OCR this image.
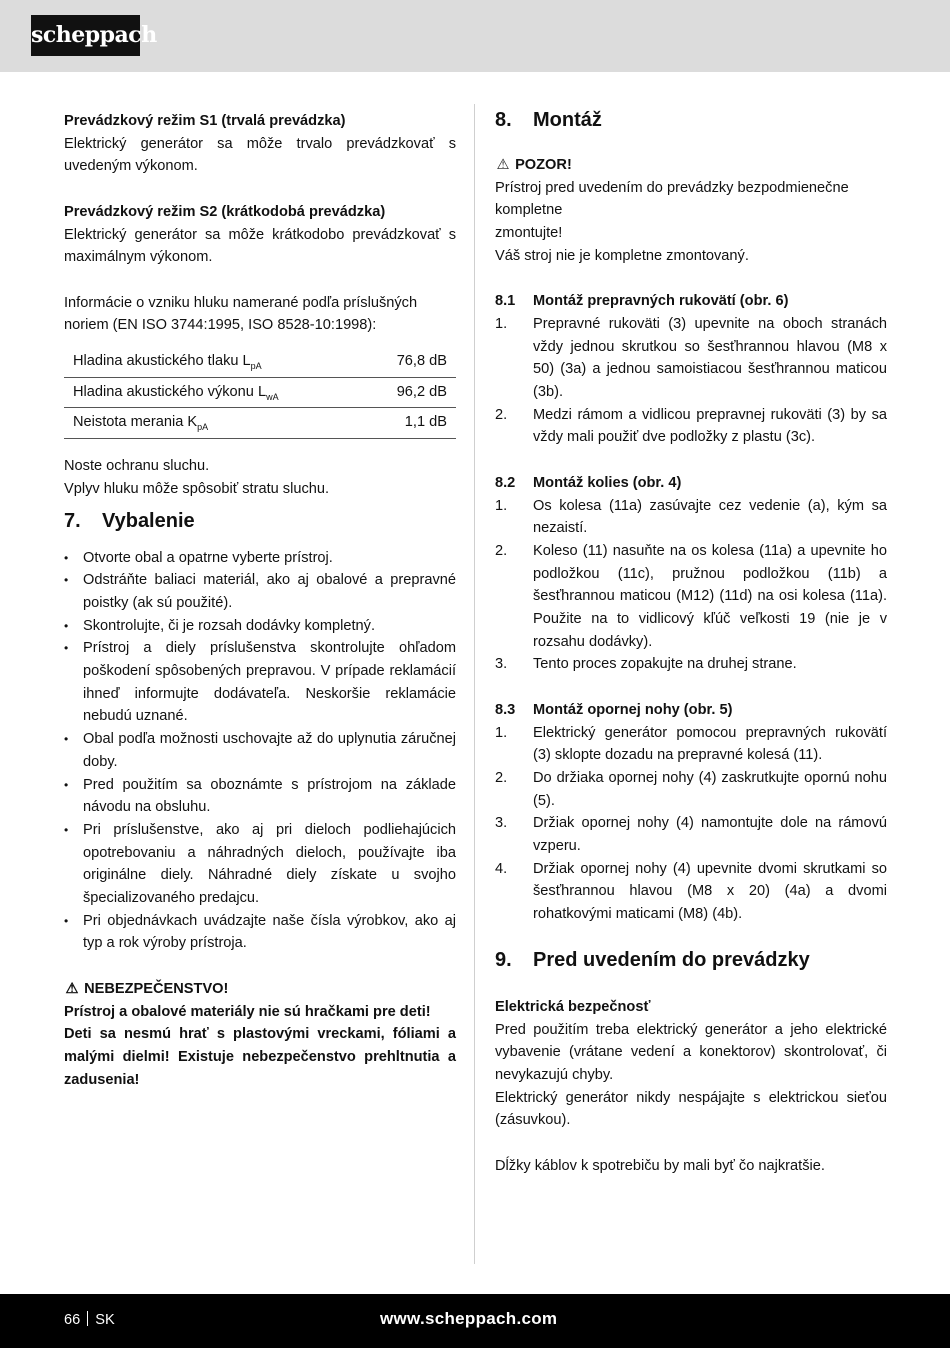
scheppach

Prevádzkový režim S1 (trvalá prevádzka)

Elektrický generátor sa môže trvalo prevádzkovať s uvedeným výkonom.

Prevádzkový režim S2 (krátkodobá prevádzka)

Elektrický generátor sa môže krátkodobo prevádzkovať s maximálnym výkonom.

Informácie o vzniku hluku namerané podľa príslušných noriem (EN ISO 3744:1995, ISO 8528-10:1998):

Hladina akustického tlaku $L_{pA}$	76,8 dB
Hladina akustického výkonu $L_{wA}$	96,2 dB
Neistota merania $K_{pA}$	1,1 dB

Noste ochranu sluchu.

Vplyv hluku môže spôsobiť stratu sluchu.

7. Vybalenie
• Otvorte obal a opatrne vyberte prístroj.
• Odstráňte baliaci materiál, ako aj obalové a prepravné poistky (ak sú použité).
• Skontrolujte, či je rozsah dodávky kompletný.
• Prístroj a diely príslušenstva skontrolujte ohľadom poškodení spôsobených prepravou. V prípade reklamácií ihneď informujte dodávateľa. Neskoršie reklamácie nebudú uznané.
• Obal podľa možnosti uschovajte až do uplynutia záručnej doby.
• Pred použitím sa oboznámte s prístrojom na základe návodu na obsluhu.
• Pri príslušenstve, ako aj pri dieloch podliehajúcich opotrebovaniu a náhradných dieloch, používajte iba originálne diely. Náhradné diely získate u svojho špecializovaného predajcu.
• Pri objednávkach uvádzajte naše čísla výrobkov, ako aj typ a rok výroby prístroja.

⚠ NEBEZPEČENSTVO!

Prístroj a obalové materiály nie sú hračkami pre deti!

Deti sa nesmú hrať s plastovými vreckami, fóliami a malými dielmi! Existuje nebezpečenstvo prehltnutia a zadusenia!

8. Montáž

⚠ POZOR!

Prístroj pred uvedením do prevádzky bezpodmienečne kompletne

zmontujte!

Váš stroj nie je kompletne zmontovaný.

8.1 Montáž prepravných rukovätí (obr. 6)

1. Prepravné rukoväti (3) upevnite na oboch stranách vždy jednou skrutkou so šesťhrannou hlavou (M8 x 50) (3a) a jednou samoistiacou šesťhrannou maticou (3b).
2. Medzi rámom a vidlicou prepravnej rukoväti (3) by sa vždy mali použiť dve podložky z plastu (3c).

8.2 Montáž kolies (obr. 4)

1. Os kolesa (11a) zasúvajte cez vedenie (a), kým sa nezaistí.
2. Koleso (11) nasuňte na os kolesa (11a) a upevnite ho podložkou (11c), pružnou podložkou (11b) a šesťhrannou maticou (M12) (11d) na osi kolesa (11a). Použite na to vidlicový kľúč veľkosti 19 (nie je v rozsahu dodávky).
3. Tento proces zopakujte na druhej strane.

8.3 Montáž opornej nohy (obr. 5)

1. Elektrický generátor pomocou prepravných rukovätí (3) sklopte dozadu na prepravné kolesá (11).
2. Do držiaka opornej nohy (4) zaskrutkujte opornú nohu (5).
3. Držiak opornej nohy (4) namontujte dole na rámovú vzperu.
4. Držiak opornej nohy (4) upevnite dvomi skrutkami so šesťhrannou hlavou (M8 x 20) (4a) a dvomi rohatkovými maticami (M8) (4b).
9. Pred uvedením do prevádzky

Elektrická bezpečnosť

Pred použitím treba elektrický generátor a jeho elektrické vybavenie (vrátane vedení a konektorov) skontrolovať, či nevykazujú chyby.

Elektrický generátor nikdy nespájajte s elektrickou sieťou (zásuvkou).

Dĺžky káblov k spotrebiču by mali byť čo najkratšie.

66 SK	www.scheppach.com
